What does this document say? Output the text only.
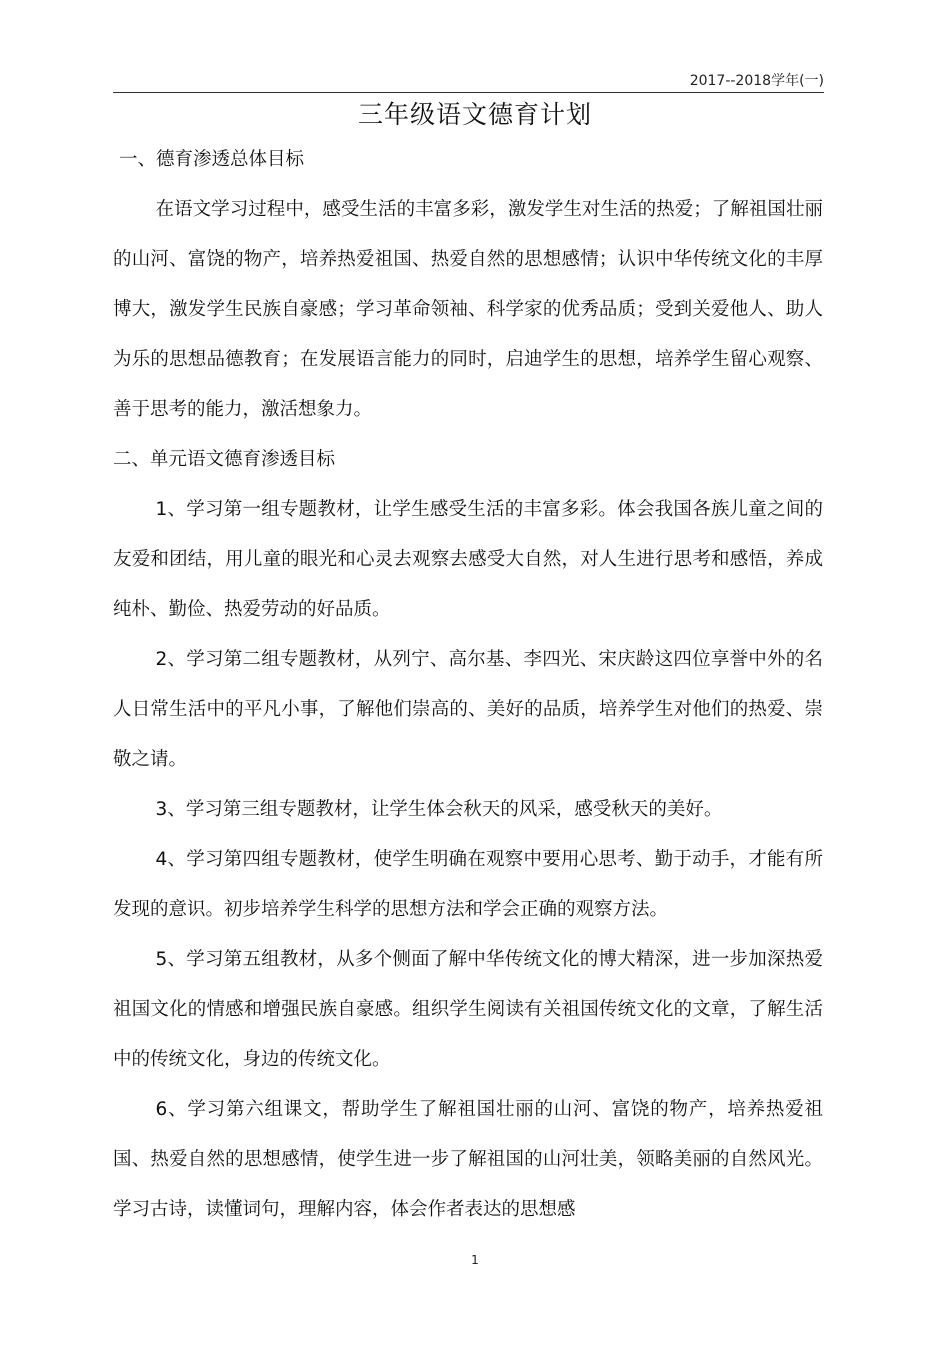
2017--2018学年(一)
三年级语文德育计划

一、德育渗透总体目标

在语文学习过程中，感受生活的丰富多彩，激发学生对生活的热爱；了解祖国壮丽的山河、富饶的物产，培养热爱祖国、热爱自然的思想感情；认识中华传统文化的丰厚博大，激发学生民族自豪感；学习革命领袖、科学家的优秀品质；受到关爱他人、助人为乐的思想品德教育；在发展语言能力的同时，启迪学生的思想，培养学生留心观察、善于思考的能力，激活想象力。

二、单元语文德育渗透目标

1、学习第一组专题教材，让学生感受生活的丰富多彩。体会我国各族儿童之间的友爱和团结，用儿童的眼光和心灵去观察去感受大自然，对人生进行思考和感悟，养成纯朴、勤俭、热爱劳动的好品质。

2、学习第二组专题教材，从列宁、高尔基、李四光、宋庆龄这四位享誉中外的名人日常生活中的平凡小事，了解他们崇高的、美好的品质，培养学生对他们的热爱、崇敬之请。

3、学习第三组专题教材，让学生体会秋天的风采，感受秋天的美好。

4、学习第四组专题教材，使学生明确在观察中要用心思考、勤于动手，才能有所发现的意识。初步培养学生科学的思想方法和学会正确的观察方法。

5、学习第五组教材，从多个侧面了解中华传统文化的博大精深，进一步加深热爱祖国文化的情感和增强民族自豪感。组织学生阅读有关祖国传统文化的文章，了解生活中的传统文化，身边的传统文化。

6、学习第六组课文，帮助学生了解祖国壮丽的山河、富饶的物产，培养热爱祖国、热爱自然的思想感情，使学生进一步了解祖国的山河壮美，领略美丽的自然风光。学习古诗，读懂词句，理解内容，体会作者表达的思想感

1
